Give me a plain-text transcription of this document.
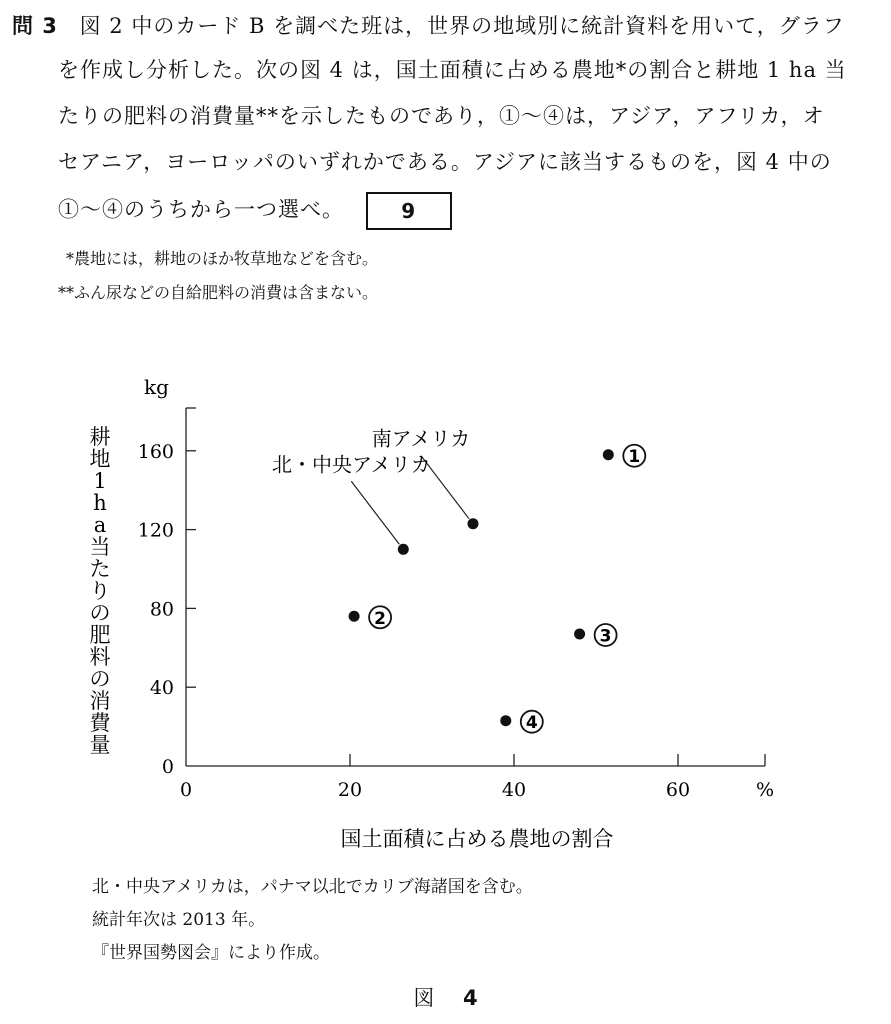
問 3 図 2 中のカード B を調べた班は，世界の地域別に統計資料を用いて，グラフ
を作成し分析した。次の図 4 は，国土面積に占める農地*の割合と耕地 1 ha 当
たりの肥料の消費量**を示したものであり，①～④は，アジア，アフリカ，オ
セアニア，ヨーロッパのいずれかである。アジアに該当するものを，図 4 中の
①～④のうちから一つ選べ。	9
*農地には，耕地のほか牧草地などを含む。
**ふん尿などの自給肥料の消費は含まない。
kg
耕地 1 h a 当たりの肥料の消費量
0
40
80
120
160
0	20	40	60	%
1
2
3
4
南アメリカ
北・中央アメリカ
国土面積に占める農地の割合
北・中央アメリカは，パナマ以北でカリブ海諸国を含む。
統計年次は 2013 年。
『世界国勢図会』により作成。
図 4
